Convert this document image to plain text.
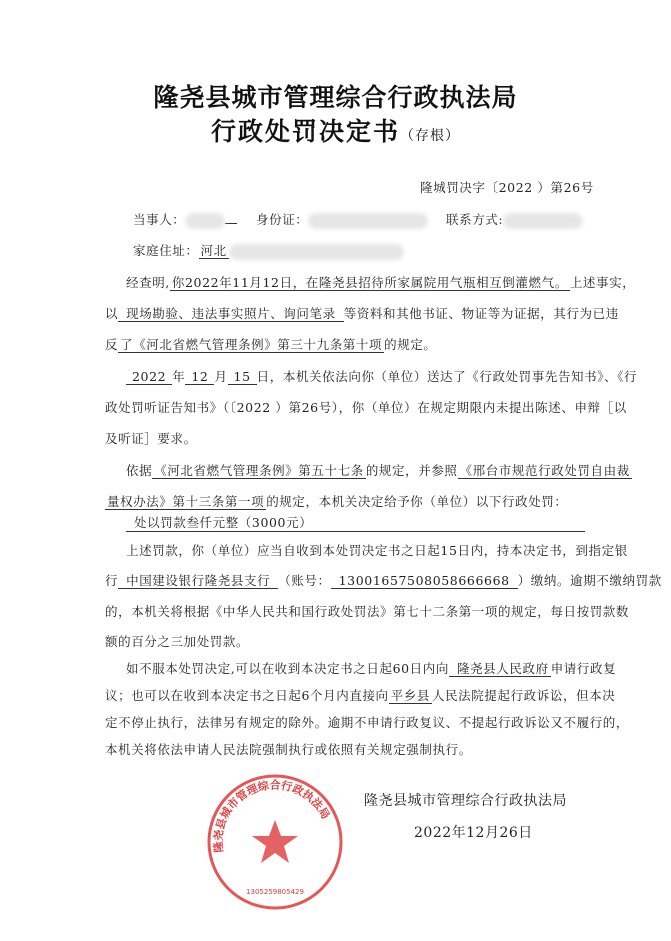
隆尧县城市管理综合行政执法局
行政处罚决定书（存根）
隆城罚决字〔2022 ）第26号
当事人：	身份证：	联系方式:
家庭住址： 河北
经查明, 你2022年11月12日，在隆尧县招待所家属院用气瓶相互倒灌燃气。 上述事实，
以 现场勘验、违法事实照片、询问笔录 等资料和其他书证、物证等为证据，其行为已违
反 了《河北省燃气管理条例》第三十九条第十项 的规定。
2022 年 12 月 15 日，本机关依法向你（单位）送达了《行政处罚事先告知书》、《行
政处罚听证告知书》（〔2022 ）第26号），你（单位）在规定期限内未提出陈述、申辩［以
及听证］要求。
依据 《河北省燃气管理条例》第五十七条 的规定，并参照 《邢台市规范行政处罚自由裁
量权办法》第十三条第一项 的规定，本机关决定给予你（单位）以下行政处罚：
处以罚款叁仟元整（3000元）
上述罚款，你（单位）应当自收到本处罚决定书之日起15日内，持本决定书，到指定银
行 中国建设银行隆尧县支行 （账号： 13001657508058666668 ）缴纳。逾期不缴纳罚款
的，本机关将根据《中华人民共和国行政处罚法》第七十二条第一项的规定，每日按罚款数
额的百分之三加处罚款。
如不服本处罚决定,可以在收到本决定书之日起60日内向 隆尧县人民政府 申请行政复
议；也可以在收到本决定书之日起6个月内直接向 平乡县 人民法院提起行政诉讼，但本决
定不停止执行，法律另有规定的除外。逾期不申请行政复议、不提起行政诉讼又不履行的，
本机关将依法申请人民法院强制执行或依照有关规定强制执行。
隆尧县城市管理综合行政执法局
1305259805429
隆尧县城市管理综合行政执法局
2022年12月26日
